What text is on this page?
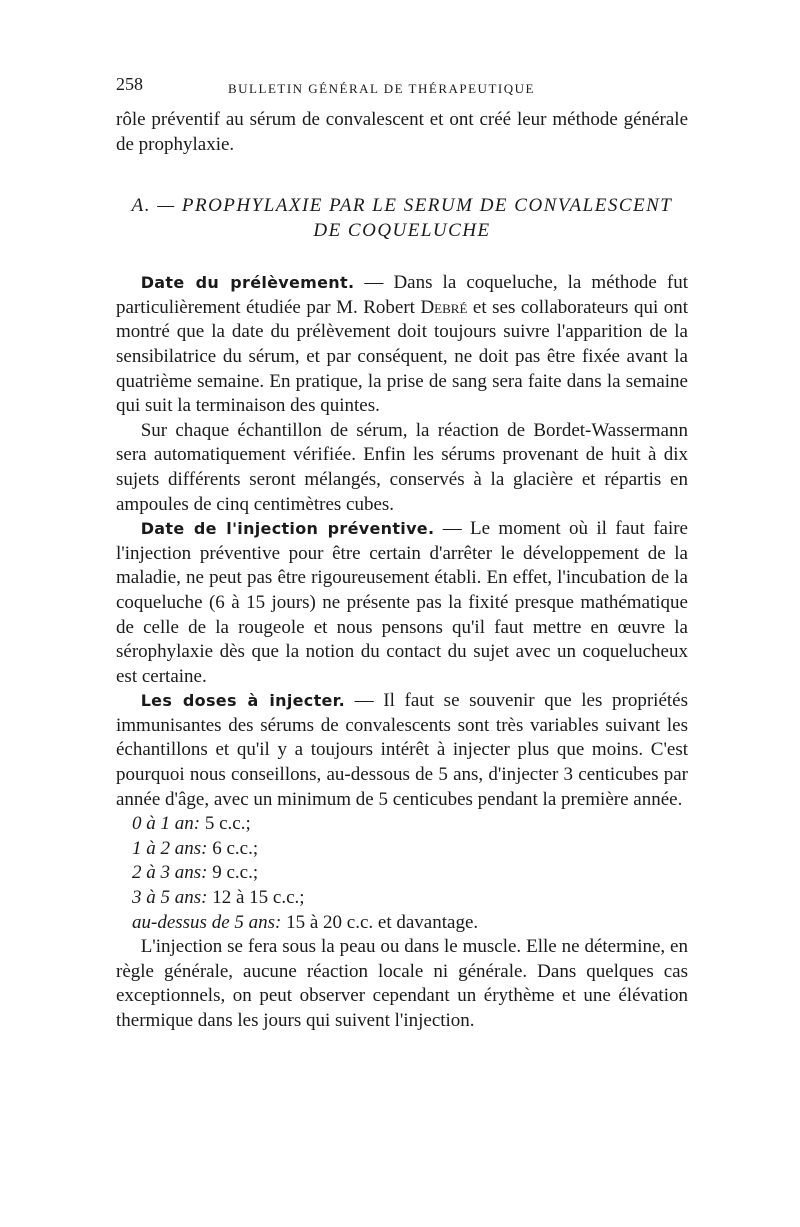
258	BULLETIN GÉNÉRAL DE THÉRAPEUTIQUE

rôle préventif au sérum de convalescent et ont créé leur méthode générale de prophylaxie.

A. — PROPHYLAXIE PAR LE SERUM DE CONVALESCENT
DE COQUELUCHE

Date du prélèvement. — Dans la coqueluche, la méthode fut particulièrement étudiée par M. Robert Debré et ses collaborateurs qui ont montré que la date du prélèvement doit toujours suivre l'apparition de la sensibilatrice du sérum, et par conséquent, ne doit pas être fixée avant la quatrième semaine. En pratique, la prise de sang sera faite dans la semaine qui suit la terminaison des quintes.

Sur chaque échantillon de sérum, la réaction de Bordet-Wassermann sera automatiquement vérifiée. Enfin les sérums provenant de huit à dix sujets différents seront mélangés, conservés à la glacière et répartis en ampoules de cinq centimètres cubes.

Date de l'injection préventive. — Le moment où il faut faire l'injection préventive pour être certain d'arrêter le développement de la maladie, ne peut pas être rigoureusement établi. En effet, l'incubation de la coqueluche (6 à 15 jours) ne présente pas la fixité presque mathématique de celle de la rougeole et nous pensons qu'il faut mettre en œuvre la sérophylaxie dès que la notion du contact du sujet avec un coquelucheux est certaine.

Les doses à injecter. — Il faut se souvenir que les propriétés immunisantes des sérums de convalescents sont très variables suivant les échantillons et qu'il y a toujours intérêt à injecter plus que moins. C'est pourquoi nous conseillons, au-dessous de 5 ans, d'injecter 3 centicubes par année d'âge, avec un minimum de 5 centicubes pendant la première année.

0 à 1 an: 5 c.c.;
1 à 2 ans: 6 c.c.;
2 à 3 ans: 9 c.c.;
3 à 5 ans: 12 à 15 c.c.;
au-dessus de 5 ans: 15 à 20 c.c. et davantage.

L'injection se fera sous la peau ou dans le muscle. Elle ne détermine, en règle générale, aucune réaction locale ni générale. Dans quelques cas exceptionnels, on peut observer cependant un érythème et une élévation thermique dans les jours qui suivent l'injection.
